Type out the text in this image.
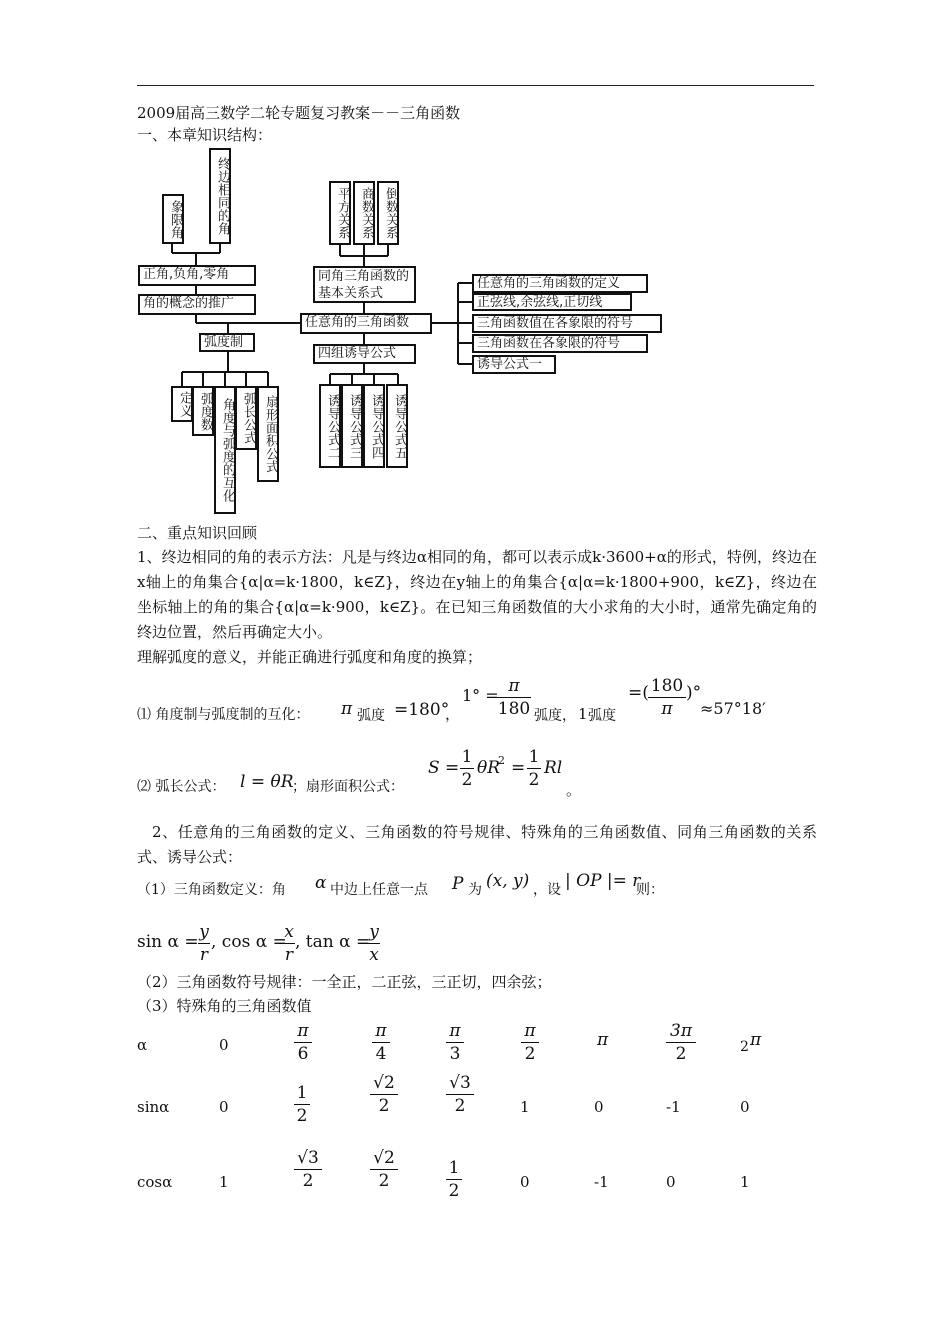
2009届高三数学二轮专题复习教案－－三角函数
一、本章知识结构：
象限角	终边相同的角
正角,负角,零角
角的概念的推广
弧度制
定义 弧度数 角度与弧度的互化 弧长公式 扇形面积公式
平方关系 商数关系 倒数关系
同角三角函数的基本关系式
任意角的三角函数
四组诱导公式
诱导公式二 诱导公式三 诱导公式四 诱导公式五
任意角的三角函数的定义
正弦线,余弦线,正切线
三角函数值在各象限的符号
三角函数在各象限的符号
诱导公式一
二、重点知识回顾
1、终边相同的角的表示方法：凡是与终边α相同的角，都可以表示成k·3600+α的形式，特例，终边在x轴上的角集合{α|α=k·1800，k∈Z}，终边在y轴上的角集合{α|α=k·1800+900，k∈Z}，终边在坐标轴上的角的集合{α|α=k·900，k∈Z}。在已知三角函数值的大小求角的大小时，通常先确定角的终边位置，然后再确定大小。
理解弧度的意义，并能正确进行弧度和角度的换算；
⑴ 角度制与弧度制的互化： π 弧度 =180°
，
1° =
$\frac{\pi}{180}$ 弧度， 1 弧度
=( $\frac{180}{\pi}$ )°
≈57°18′
⑵ 弧长公式： l = θR
；扇形面积公式：
$S = \frac{1}{2}$ θR
$2 = \frac{1}{2}$ Rl
。
2、任意角的三角函数的定义、三角函数的符号规律、特殊角的三角函数值、同角三角函数的关系式、诱导公式：
（1）三角函数定义：角 α 中边上任意一点 P 为 (x, y) ，设 | OP |= r
则：
$\sin \alpha = \frac{y}{r}$ , cos α =
$\frac{x}{r}$ , tan α =
$\frac{y}{x}$
（2）三角函数符号规律：一全正，二正弦，三正切，四余弦；
（3）特殊角的三角函数值
α	0	$\frac{\pi}{6}$	$\frac{\pi}{4}$	$\frac{\pi}{3}$	$\frac{\pi}{2}$	π	$\frac{3\pi}{2}$	2 π
sinα	0	$\frac{1}{2}$	$\frac{√2}{2}$	$\frac{√3}{2}$	1	0	-1	0
cosα	1	$\frac{√3}{2}$	$\frac{√2}{2}$	$\frac{1}{2}$	0	-1	0	1
